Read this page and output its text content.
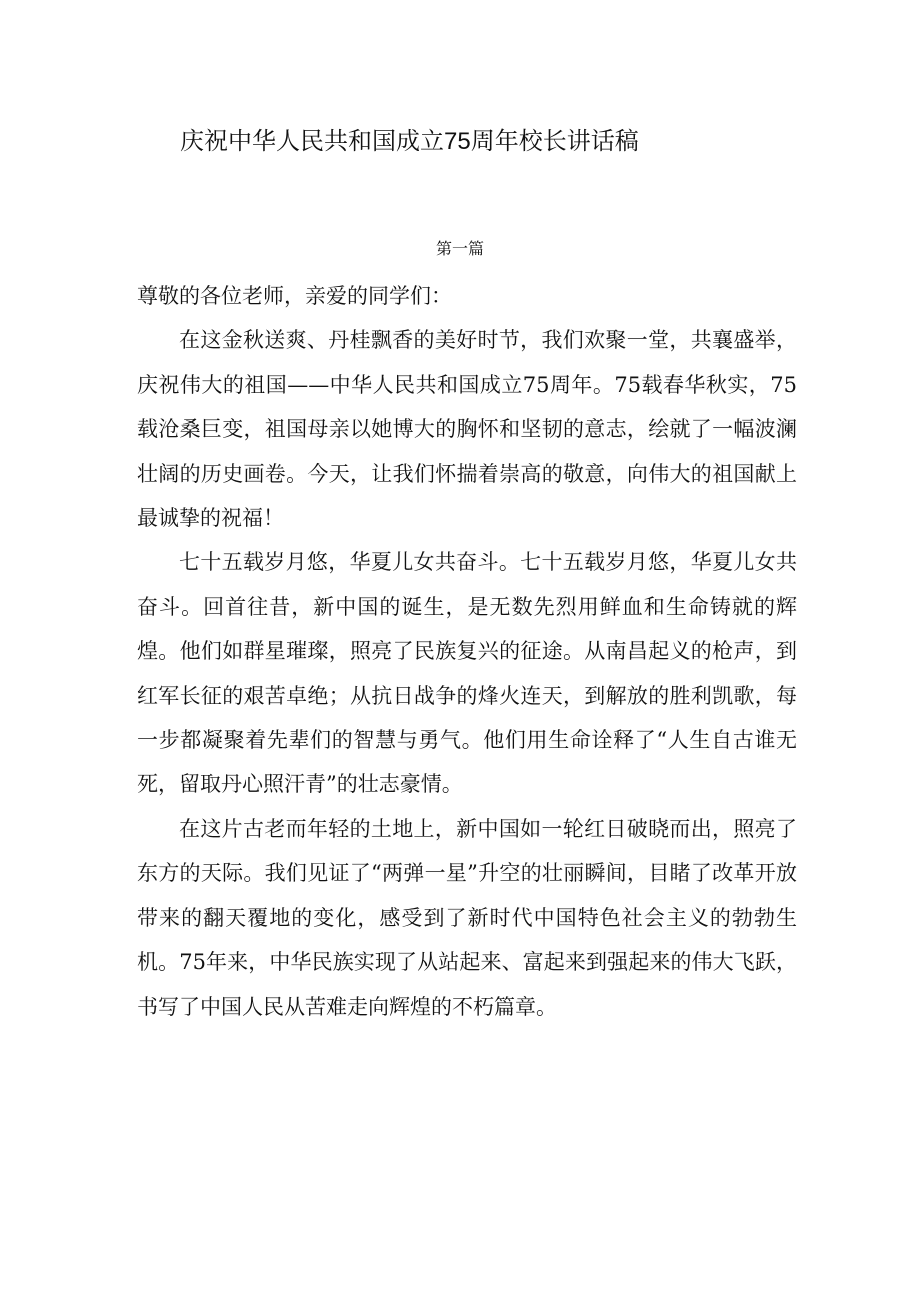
庆祝中华人民共和国成立75周年校长讲话稿
第一篇

尊敬的各位老师，亲爱的同学们：

在这金秋送爽、丹桂飘香的美好时节，我们欢聚一堂，共襄盛举，庆祝伟大的祖国——中华人民共和国成立75周年。75载春华秋实，75载沧桑巨变，祖国母亲以她博大的胸怀和坚韧的意志，绘就了一幅波澜壮阔的历史画卷。今天，让我们怀揣着崇高的敬意，向伟大的祖国献上最诚挚的祝福！

七十五载岁月悠，华夏儿女共奋斗。七十五载岁月悠，华夏儿女共奋斗。回首往昔，新中国的诞生，是无数先烈用鲜血和生命铸就的辉煌。他们如群星璀璨，照亮了民族复兴的征途。从南昌起义的枪声，到红军长征的艰苦卓绝；从抗日战争的烽火连天，到解放的胜利凯歌，每一步都凝聚着先辈们的智慧与勇气。他们用生命诠释了“人生自古谁无死，留取丹心照汗青”的壮志豪情。

在这片古老而年轻的土地上，新中国如一轮红日破晓而出，照亮了东方的天际。我们见证了“两弹一星”升空的壮丽瞬间，目睹了改革开放带来的翻天覆地的变化，感受到了新时代中国特色社会主义的勃勃生机。75年来，中华民族实现了从站起来、富起来到强起来的伟大飞跃，书写了中国人民从苦难走向辉煌的不朽篇章。
